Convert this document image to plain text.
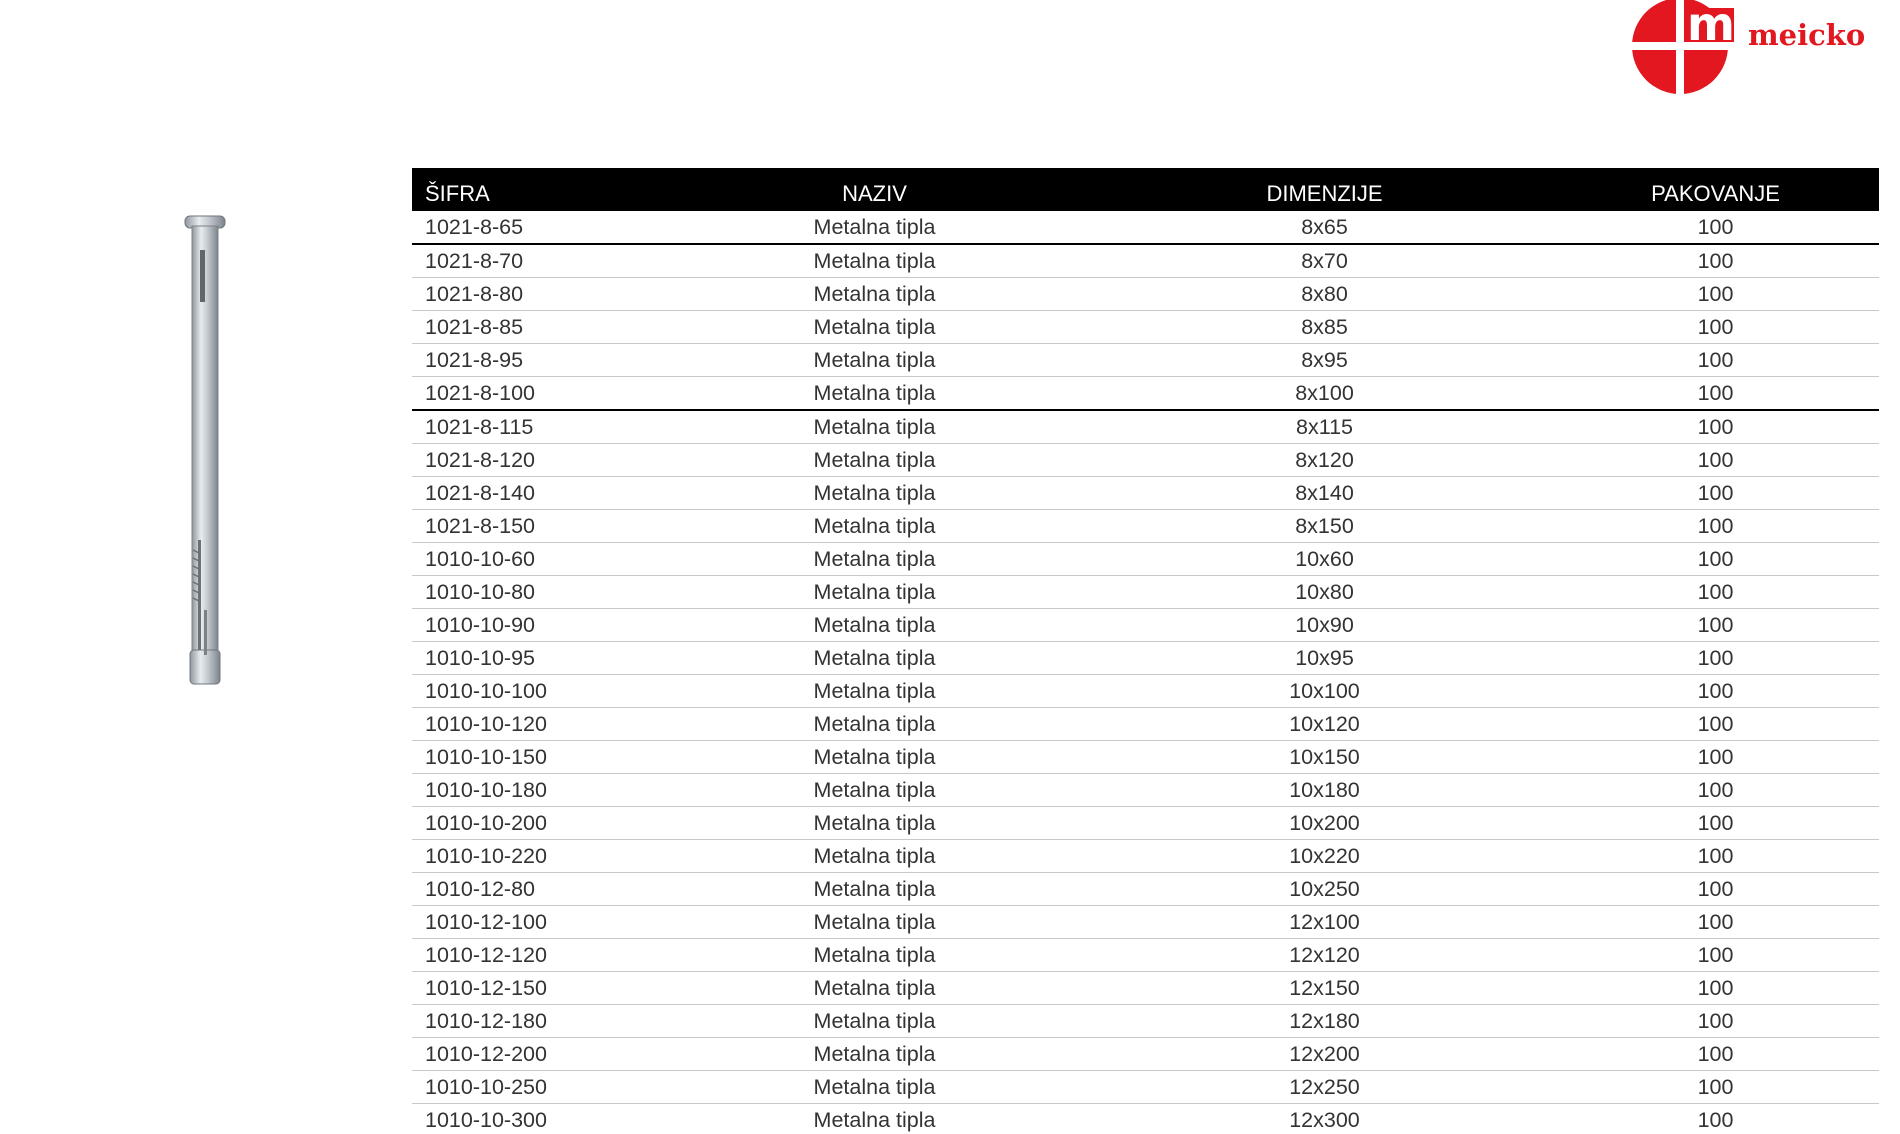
m meicko
ŠIFRA	NAZIV	DIMENZIJE	PAKOVANJE
1021-8-65	Metalna tipla	8x65	100
1021-8-70	Metalna tipla	8x70	100
1021-8-80	Metalna tipla	8x80	100
1021-8-85	Metalna tipla	8x85	100
1021-8-95	Metalna tipla	8x95	100
1021-8-100	Metalna tipla	8x100	100
1021-8-115	Metalna tipla	8x115	100
1021-8-120	Metalna tipla	8x120	100
1021-8-140	Metalna tipla	8x140	100
1021-8-150	Metalna tipla	8x150	100
1010-10-60	Metalna tipla	10x60	100
1010-10-80	Metalna tipla	10x80	100
1010-10-90	Metalna tipla	10x90	100
1010-10-95	Metalna tipla	10x95	100
1010-10-100	Metalna tipla	10x100	100
1010-10-120	Metalna tipla	10x120	100
1010-10-150	Metalna tipla	10x150	100
1010-10-180	Metalna tipla	10x180	100
1010-10-200	Metalna tipla	10x200	100
1010-10-220	Metalna tipla	10x220	100
1010-12-80	Metalna tipla	10x250	100
1010-12-100	Metalna tipla	12x100	100
1010-12-120	Metalna tipla	12x120	100
1010-12-150	Metalna tipla	12x150	100
1010-12-180	Metalna tipla	12x180	100
1010-12-200	Metalna tipla	12x200	100
1010-10-250	Metalna tipla	12x250	100
1010-10-300	Metalna tipla	12x300	100
